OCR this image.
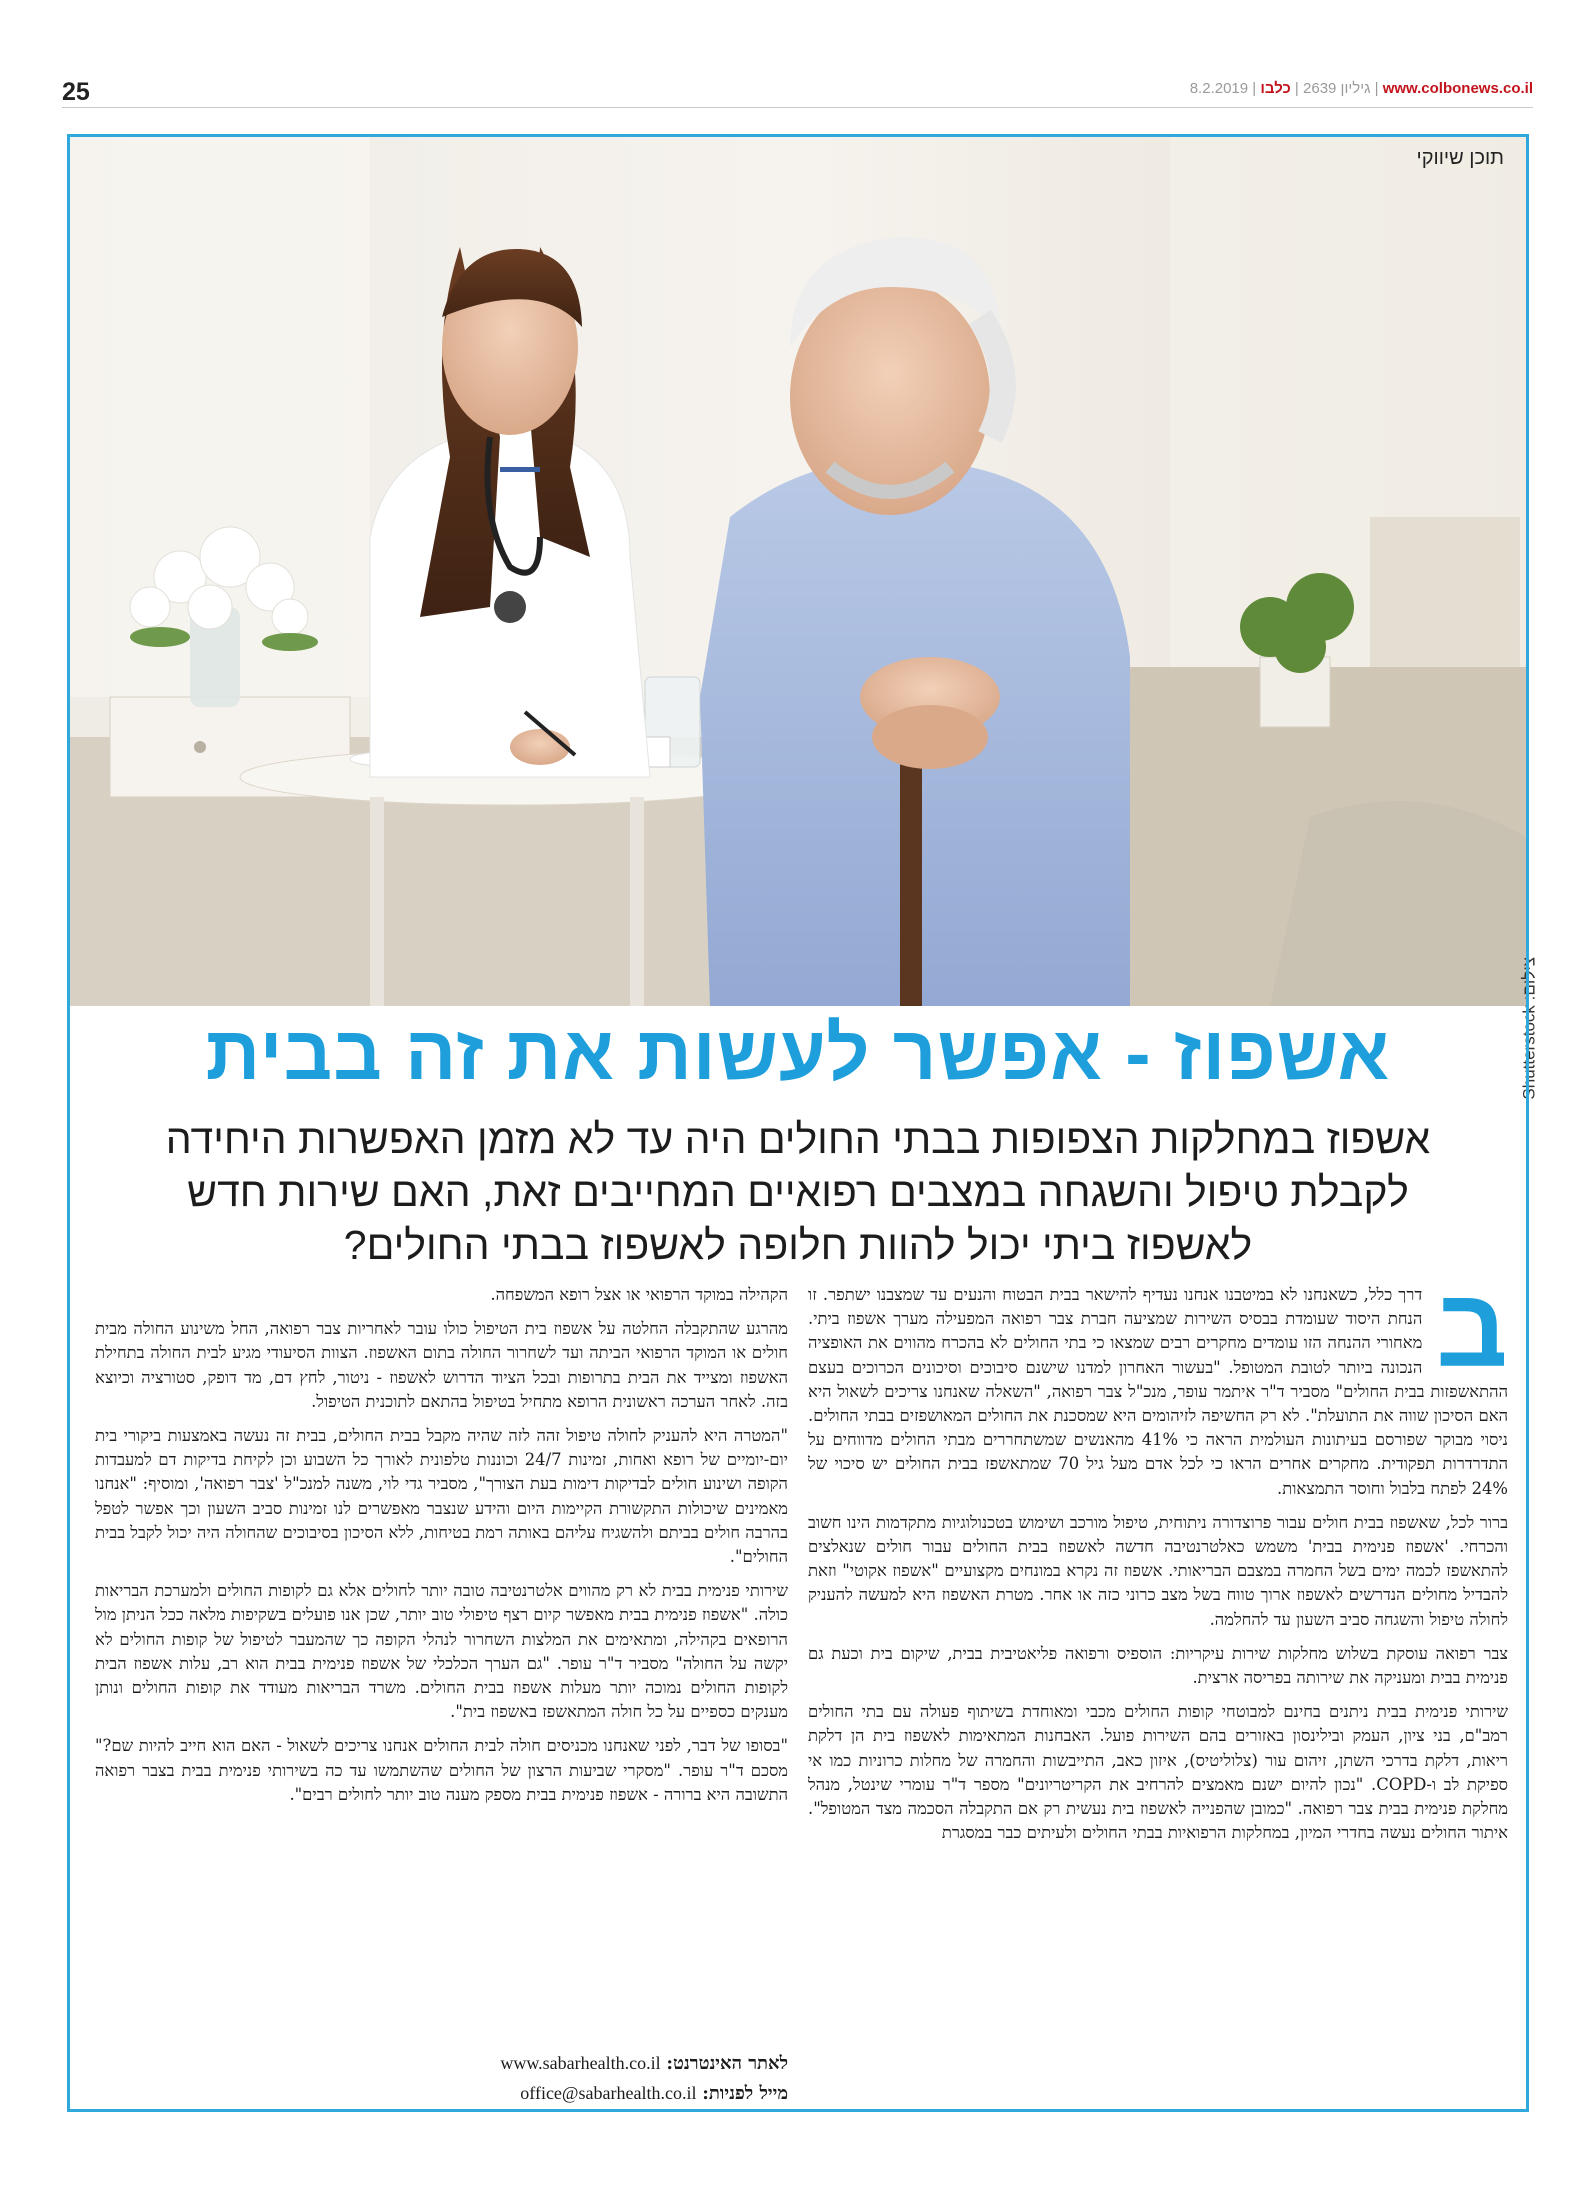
25	8.2.2019 |	גיליון 2639 | כלבו	| www.colbonews.co.il
תוכן שיווקי
צילום: Shutterstock
אשפוז - אפשר לעשות את זה בבית
אשפוז במחלקות הצפופות בבתי החולים היה עד לא מזמן האפשרות היחידה
לקבלת טיפול והשגחה במצבים רפואיים המחייבים זאת, האם שירות חדש
לאשפוז ביתי יכול להוות חלופה לאשפוז בבתי החולים?
ב

דרך כלל, כשאנחנו לא במיטבנו אנחנו נעדיף להישאר בבית הבטוח והנעים עד שמצבנו ישתפר. זו הנחת היסוד שעומדת בבסיס השירות שמציעה חברת צבר רפואה המפעילה מערך אשפוז ביתי. מאחורי ההנחה הזו עומדים מחקרים רבים שמצאו כי בתי החולים לא בהכרח מהווים את האופציה הנכונה ביותר לטובת המטופל. "בעשור האחרון למדנו שישנם סיבוכים וסיכונים הכרוכים בעצם ההתאשפזות בבית החולים" מסביר ד"ר איתמר עופר, מנכ"ל צבר רפואה, "השאלה שאנחנו צריכים לשאול היא האם הסיכון שווה את התועלת". לא רק החשיפה לזיהומים היא שמסכנת את החולים המאושפזים בבתי החולים. ניסוי מבוקר שפורסם בעיתונות העולמית הראה כי 41% מהאנשים שמשתחררים מבתי החולים מדווחים על התדרדרות תפקודית. מחקרים אחרים הראו כי לכל אדם מעל גיל 70 שמתאשפז בבית החולים יש סיכוי של 24% לפתח בלבול וחוסר התמצאות.

ברור לכל, שאשפוז בבית חולים עבור פרוצדורה ניתוחית, טיפול מורכב ושימוש בטכנולוגיות מתקדמות הינו חשוב והכרחי. 'אשפוז פנימית בבית' משמש כאלטרנטיבה חדשה לאשפוז בבית החולים עבור חולים שנאלצים להתאשפז לכמה ימים בשל החמרה במצבם הבריאותי. אשפוז זה נקרא במונחים מקצועיים "אשפוז אקוטי" וזאת להבדיל מחולים הנדרשים לאשפוז ארוך טווח בשל מצב כרוני כזה או אחר. מטרת האשפוז היא למעשה להעניק לחולה טיפול והשגחה סביב השעון עד להחלמה.

צבר רפואה עוסקת בשלוש מחלקות שירות עיקריות: הוספיס ורפואה פליאטיבית בבית, שיקום בית וכעת גם פנימית בבית ומעניקה את שירותה בפריסה ארצית.

שירותי פנימית בבית ניתנים בחינם למבוטחי קופות החולים מכבי ומאוחדת בשיתוף פעולה עם בתי החולים רמב"ם, בני ציון, העמק ובילינסון באזורים בהם השירות פועל. האבחנות המתאימות לאשפוז בית הן דלקת ריאות, דלקת בדרכי השתן, זיהום עור (צלוליטיס), איזון כאב, התייבשות והחמרה של מחלות כרוניות כמו אי ספיקת לב ו-COPD. "נכון להיום ישנם מאמצים להרחיב את הקריטריונים" מספר ד"ר עומרי שינטל, מנהל מחלקת פנימית בבית צבר רפואה. "כמובן שהפנייה לאשפוז בית נעשית רק אם התקבלה הסכמה מצד המטופל". איתור החולים נעשה בחדרי המיון, במחלקות הרפואיות בבתי החולים ולעיתים כבר במסגרת

הקהילה במוקד הרפואי או אצל רופא המשפחה.

מהרגע שהתקבלה החלטה על אשפוז בית הטיפול כולו עובר לאחריות צבר רפואה, החל משינוע החולה מבית חולים או המוקד הרפואי הביתה ועד לשחרור החולה בתום האשפוז. הצוות הסיעודי מגיע לבית החולה בתחילת האשפוז ומצייד את הבית בתרופות ובכל הציוד הדרוש לאשפוז - ניטור, לחץ דם, מד דופק, סטורציה וכיוצא בזה. לאחר הערכה ראשונית הרופא מתחיל בטיפול בהתאם לתוכנית הטיפול.

"המטרה היא להעניק לחולה טיפול זהה לזה שהיה מקבל בבית החולים, בבית זה נעשה באמצעות ביקורי בית יום-יומיים של רופא ואחות, זמינות 24/7 וכוננות טלפונית לאורך כל השבוע וכן לקיחת בדיקות דם למעבדות הקופה ושינוע חולים לבדיקות דימות בעת הצורך", מסביר גדי לוי, משנה למנכ"ל 'צבר רפואה', ומוסיף: "אנחנו מאמינים שיכולות התקשורת הקיימות היום והידע שנצבר מאפשרים לנו זמינות סביב השעון וכך אפשר לטפל בהרבה חולים בביתם ולהשגיח עליהם באותה רמת בטיחות, ללא הסיכון בסיבוכים שהחולה היה יכול לקבל בבית החולים".

שירותי פנימית בבית לא רק מהווים אלטרנטיבה טובה יותר לחולים אלא גם לקופות החולים ולמערכת הבריאות כולה. "אשפוז פנימית בבית מאפשר קיום רצף טיפולי טוב יותר, שכן אנו פועלים בשקיפות מלאה ככל הניתן מול הרופאים בקהילה, ומתאימים את המלצות השחרור לנהלי הקופה כך שהמעבר לטיפול של קופות החולים לא יקשה על החולה" מסביר ד"ר עופר. "גם הערך הכלכלי של אשפוז פנימית בבית הוא רב, עלות אשפוז הבית לקופות החולים נמוכה יותר מעלות אשפוז בבית החולים. משרד הבריאות מעודד את קופות החולים ונותן מענקים כספיים על כל חולה המתאשפז באשפוז בית".

"בסופו של דבר, לפני שאנחנו מכניסים חולה לבית החולים אנחנו צריכים לשאול - האם הוא חייב להיות שם?" מסכם ד"ר עופר. "מסקרי שביעות הרצון של החולים שהשתמשו עד כה בשירותי פנימית בבית בצבר רפואה התשובה היא ברורה - אשפוז פנימית בבית מספק מענה טוב יותר לחולים רבים".

לאתר האינטרנט: www.sabarhealth.co.il
מייל לפניות: office@sabarhealth.co.il
